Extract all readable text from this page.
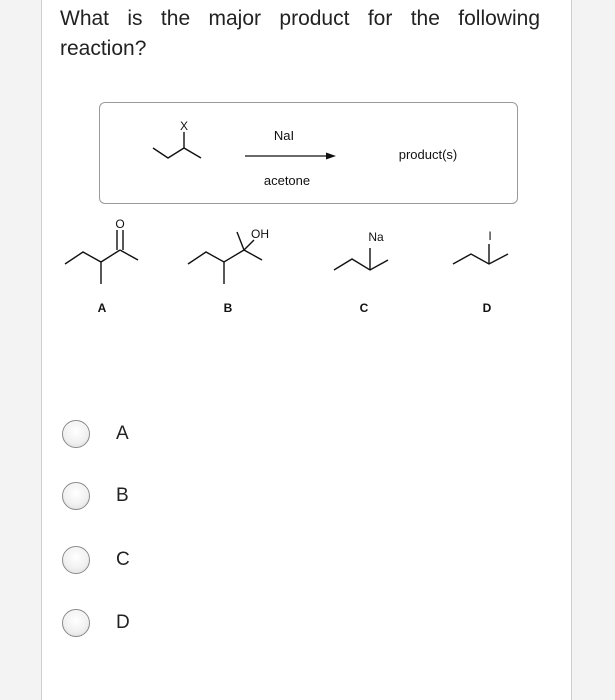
What is the major product for the following reaction?
X
NaI
acetone
product(s)
O
A
OH
B
Na
C
I
D
A
B
C
D
